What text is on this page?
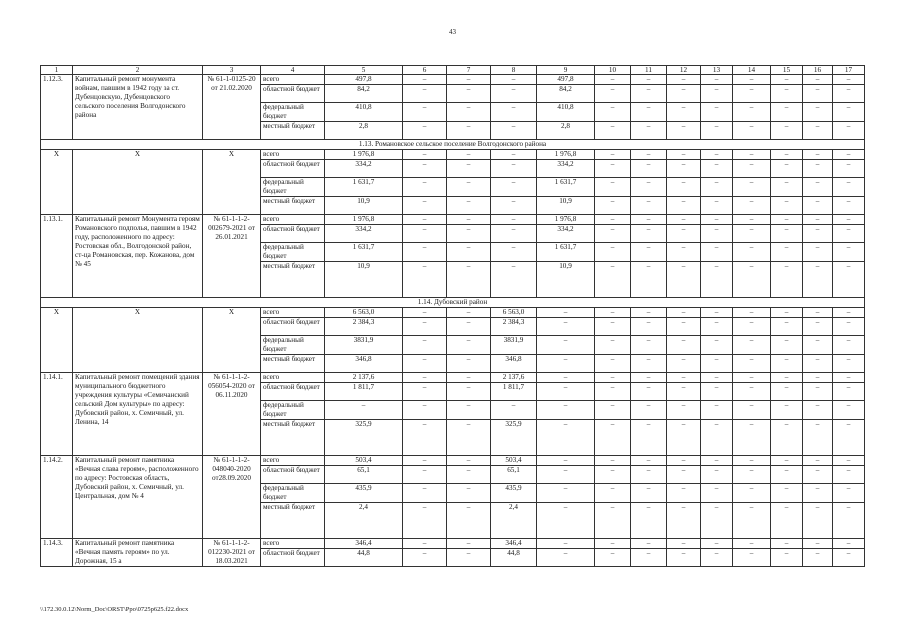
43
1	2	3	4	5	6	7	8	9	10	11	12	13	14	15	16	17
1.12.3.	Капитальный ремонт монумента войнам, павшим в 1942 году за ст. Дубенцовскую, Дубенцовского сельского поселения Волгодонского района	№ 61-1-0125-20 от 21.02.2020	всего	497,8	–	–	–	497,8	–	–	–	–	–	–	–	–
			областной бюджет	84,2	–	–	–	84,2	–	–	–	–	–	–	–	–
			федеральный бюджет	410,8	–	–	–	410,8	–	–	–	–	–	–	–	–
			местный бюджет	2,8	–	–	–	2,8	–	–	–	–	–	–	–	–
1.13. Романовское сельское поселение Волгодонского района																
Х	Х	Х	всего	1 976,8	–	–	–	1 976,8	–	–	–	–	–	–	–	–
			областной бюджет	334,2	–	–	–	334,2	–	–	–	–	–	–	–	–
			федеральный бюджет	1 631,7	–	–	–	1 631,7	–	–	–	–	–	–	–	–
			местный бюджет	10,9	–	–	–	10,9	–	–	–	–	–	–	–	–
1.13.1.	Капитальный ремонт Монумента героям Романовского подполья, павшим в 1942 году, расположенного по адресу: Ростовская обл., Волгодонской район, ст-ца Романовская, пер. Кожанова, дом № 45	№ 61-1-1-2-002679-2021 от 26.01.2021	всего	1 976,8	–	–	–	1 976,8	–	–	–	–	–	–	–	–
			областной бюджет	334,2	–	–	–	334,2	–	–	–	–	–	–	–	–
			федеральный бюджет	1 631,7	–	–	–	1 631,7	–	–	–	–	–	–	–	–
			местный бюджет	10,9	–	–	–	10,9	–	–	–	–	–	–	–	–
1.14. Дубовский район																
Х	Х	Х	всего	6 563,0	–	–	6 563,0	–	–	–	–	–	–	–	–	–
			областной бюджет	2 384,3	–	–	2 384,3	–	–	–	–	–	–	–	–	–
			федеральный бюджет	3831,9	–	–	3831,9	–	–	–	–	–	–	–	–	–
			местный бюджет	346,8	–	–	346,8	–	–	–	–	–	–	–	–	–
1.14.1.	Капитальный ремонт помещений здания муниципального бюджетного учреждения культуры «Семичанский сельский Дом культуры» по адресу: Дубовский район, х. Семичный, ул. Ленина, 14	№ 61-1-1-2-056054-2020 от 06.11.2020	всего	2 137,6	–	–	2 137,6	–	–	–	–	–	–	–	–	–
			областной бюджет	1 811,7	–	–	1 811,7	–	–	–	–	–	–	–	–	–
			федеральный бюджет	–	–	–	–	–	–	–	–	–	–	–	–	–
			местный бюджет	325,9	–	–	325,9	–	–	–	–	–	–	–	–	–
1.14.2.	Капитальный ремонт памятника «Вечная слава героям», расположенного по адресу: Ростовская область, Дубовский район, х. Семичный, ул. Центральная, дом № 4	№ 61-1-1-2-048040-2020 от28.09.2020	всего	503,4	–	–	503,4	–	–	–	–	–	–	–	–	–
			областной бюджет	65,1	–	–	65,1	–	–	–	–	–	–	–	–	–
			федеральный бюджет	435,9	–	–	435,9	–	–	–	–	–	–	–	–	–
			местный бюджет	2,4	–	–	2,4	–	–	–	–	–	–	–	–	–
1.14.3.	Капитальный ремонт памятника «Вечная память героям» по ул. Дорожная, 15 а	№ 61-1-1-2-012230-2021 от 18.03.2021	всего	346,4	–	–	346,4	–	–	–	–	–	–	–	–	–
			областной бюджет	44,8	–	–	44,8	–	–	–	–	–	–	–	–	–
\\172.30.0.12\Norm_Doc\ORST\Ppo\0725p625.f22.docx
